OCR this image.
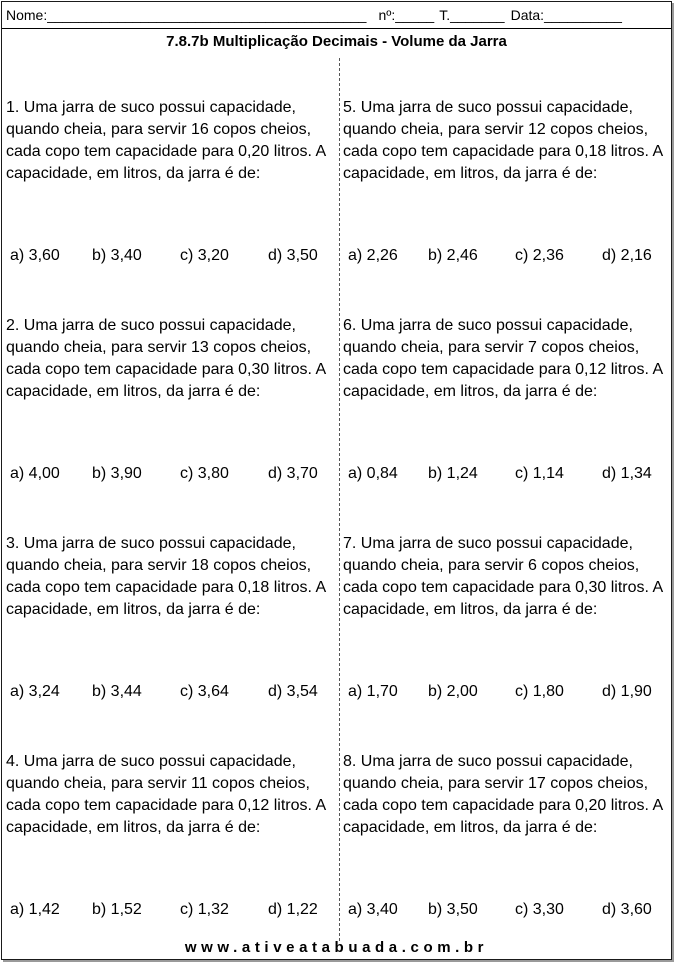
Nome:_________________________________________ nº:_____ T._______ Data:__________
7.8.7b Multiplicação Decimais - Volume da Jarra
1. Uma jarra de suco possui capacidade, quando cheia, para servir 16 copos cheios, cada copo tem capacidade para 0,20 litros. A capacidade, em litros, da jarra é de:
a) 3,60	b) 3,40	c) 3,20	d) 3,50
2. Uma jarra de suco possui capacidade, quando cheia, para servir 13 copos cheios, cada copo tem capacidade para 0,30 litros. A capacidade, em litros, da jarra é de:
a) 4,00	b) 3,90	c) 3,80	d) 3,70
3. Uma jarra de suco possui capacidade, quando cheia, para servir 18 copos cheios, cada copo tem capacidade para 0,18 litros. A capacidade, em litros, da jarra é de:
a) 3,24	b) 3,44	c) 3,64	d) 3,54
4. Uma jarra de suco possui capacidade, quando cheia, para servir 11 copos cheios, cada copo tem capacidade para 0,12 litros. A capacidade, em litros, da jarra é de:
a) 1,42	b) 1,52	c) 1,32	d) 1,22
5. Uma jarra de suco possui capacidade, quando cheia, para servir 12 copos cheios, cada copo tem capacidade para 0,18 litros. A capacidade, em litros, da jarra é de:
a) 2,26	b) 2,46	c) 2,36	d) 2,16
6. Uma jarra de suco possui capacidade, quando cheia, para servir 7 copos cheios, cada copo tem capacidade para 0,12 litros. A capacidade, em litros, da jarra é de:
a) 0,84	b) 1,24	c) 1,14	d) 1,34
7. Uma jarra de suco possui capacidade, quando cheia, para servir 6 copos cheios, cada copo tem capacidade para 0,30 litros. A capacidade, em litros, da jarra é de:
a) 1,70	b) 2,00	c) 1,80	d) 1,90
8. Uma jarra de suco possui capacidade, quando cheia, para servir 17 copos cheios, cada copo tem capacidade para 0,20 litros. A capacidade, em litros, da jarra é de:
a) 3,40	b) 3,50	c) 3,30	d) 3,60
www.ativeatabuada.com.br
